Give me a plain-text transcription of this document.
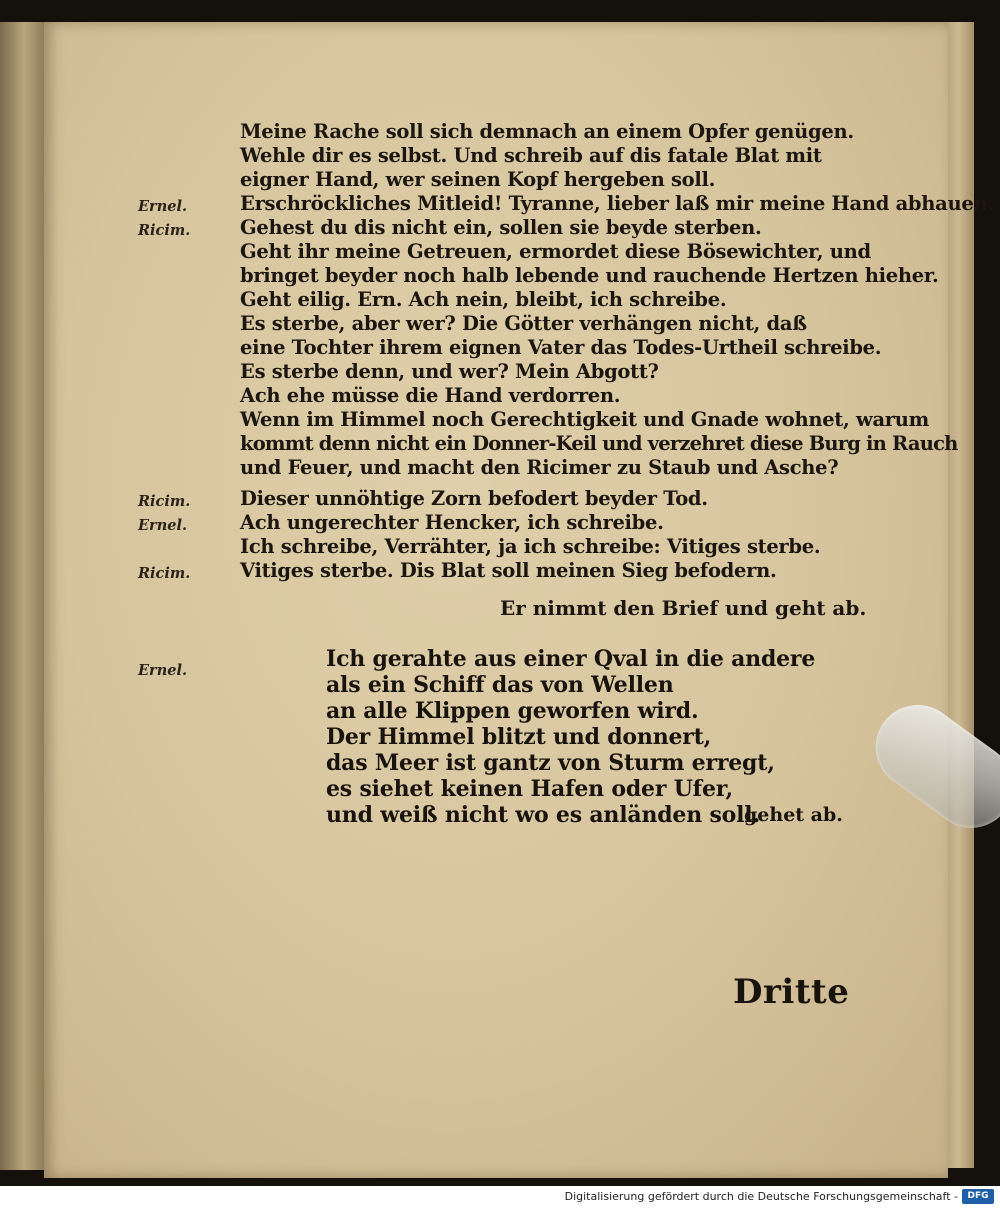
Ernel.
Ricim.
Ricim.
Ernel.
Ricim.
Ernel.

Meine Rache soll sich demnach an einem Opfer genügen.

Wehle dir es selbst. Und schreib auf dis fatale Blat mit

eigner Hand, wer seinen Kopf hergeben soll.

Erschröckliches Mitleid! Tyranne, lieber laß mir meine Hand abhauen.

Gehest du dis nicht ein, sollen sie beyde sterben.

Geht ihr meine Getreuen, ermordet diese Bösewichter, und

bringet beyder noch halb lebende und rauchende Hertzen hieher.

Geht eilig. Ern. Ach nein, bleibt, ich schreibe.

Es sterbe, aber wer? Die Götter verhängen nicht, daß

eine Tochter ihrem eignen Vater das Todes-Urtheil schreibe.

Es sterbe denn, und wer? Mein Abgott?

Ach ehe müsse die Hand verdorren.

Wenn im Himmel noch Gerechtigkeit und Gnade wohnet, warum

kommt denn nicht ein Donner-Keil und verzehret diese Burg in Rauch

und Feuer, und macht den Ricimer zu Staub und Asche?

Dieser unnöhtige Zorn befodert beyder Tod.

Ach ungerechter Hencker, ich schreibe.

Ich schreibe, Verrähter, ja ich schreibe: Vitiges sterbe.

Vitiges sterbe. Dis Blat soll meinen Sieg befodern.

Er nimmt den Brief und geht ab.
Ich gerahte aus einer Qval in die andere
als ein Schiff das von Wellen
an alle Klippen geworfen wird.
Der Himmel blitzt und donnert,
das Meer ist gantz von Sturm erregt,
es siehet keinen Hafen oder Ufer,
und weiß nicht wo es anländen soll.
gehet ab.
Dritte
Digitalisierung gefördert durch die Deutsche Forschungsgemeinschaft -	DFG
